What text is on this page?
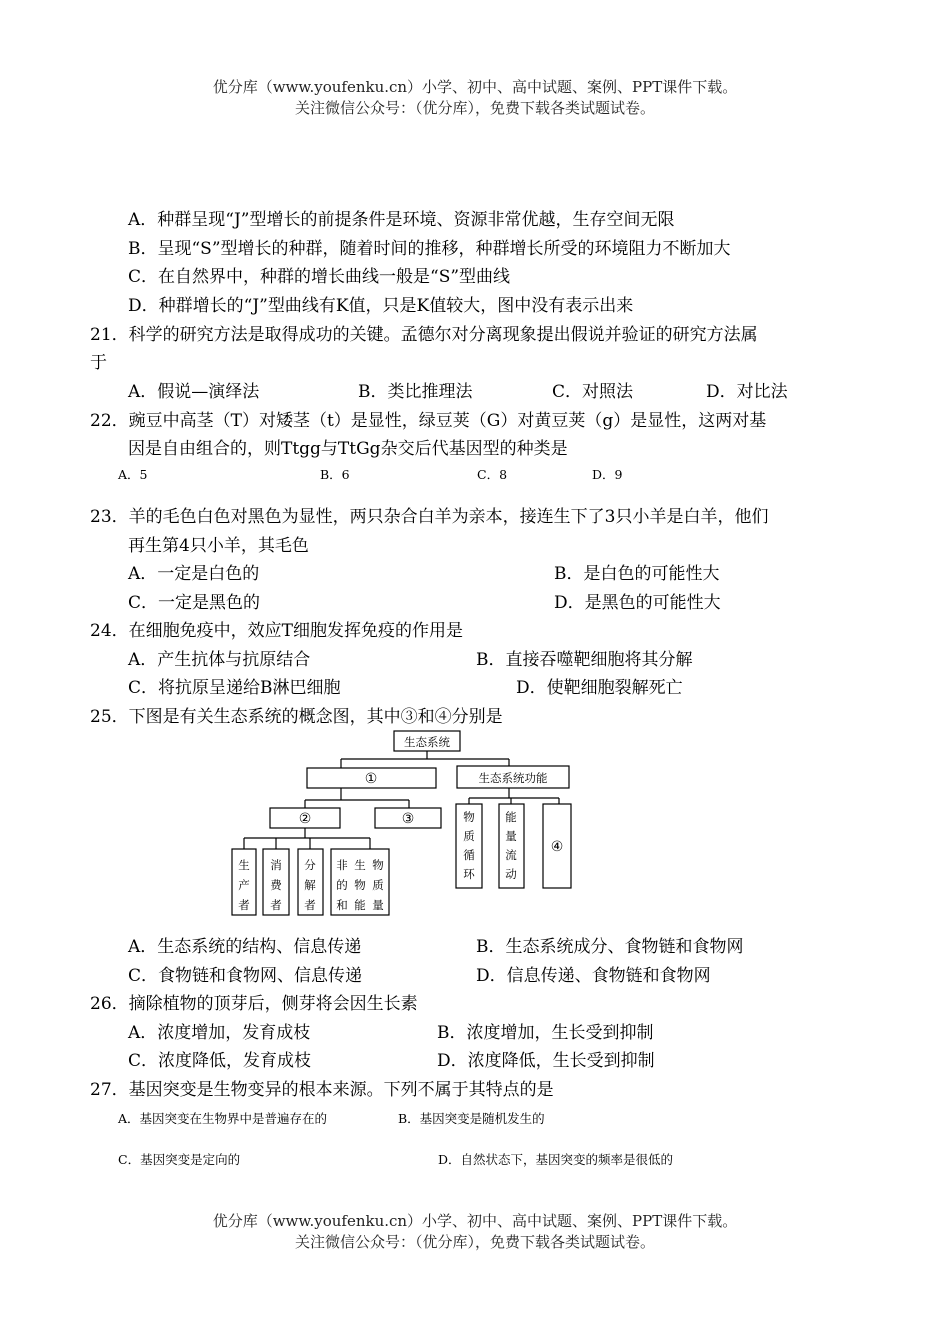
优分库（www.youfenku.cn）小学、初中、高中试题、案例、PPT课件下载。
关注微信公众号：（优分库），免费下载各类试题试卷。
A．种群呈现“J”型增长的前提条件是环境、资源非常优越，生存空间无限
B．呈现“S”型增长的种群，随着时间的推移，种群增长所受的环境阻力不断加大
C．在自然界中，种群的增长曲线一般是“S”型曲线
D．种群增长的“J”型曲线有K值，只是K值较大，图中没有表示出来
21．科学的研究方法是取得成功的关键。孟德尔对分离现象提出假说并验证的研究方法属
于
A．假说—演绎法	B．类比推理法	C．对照法	D．对比法
22．豌豆中高茎（T）对矮茎（t）是显性，绿豆荚（G）对黄豆荚（g）是显性，这两对基
因是自由组合的，则Ttgg与TtGg杂交后代基因型的种类是
A．5	B．6	C．8	D．9
23．羊的毛色白色对黑色为显性，两只杂合白羊为亲本，接连生下了3只小羊是白羊，他们
再生第4只小羊，其毛色
A．一定是白色的	B．是白色的可能性大
C．一定是黑色的	D．是黑色的可能性大
24．在细胞免疫中，效应T细胞发挥免疫的作用是
A．产生抗体与抗原结合	B．直接吞噬靶细胞将其分解
C．将抗原呈递给B淋巴细胞	D．使靶细胞裂解死亡
25．下图是有关生态系统的概念图，其中③和④分别是
生态系统
①	生态系统功能
②	③
④
生
产
者
消
费
者
分
解
者
非 生 物
的 物 质
和 能 量
物
质
循
环
能
量
流
动
A．生态系统的结构、信息传递	B．生态系统成分、食物链和食物网
C．食物链和食物网、信息传递	D．信息传递、食物链和食物网
26．摘除植物的顶芽后，侧芽将会因生长素
A．浓度增加，发育成枝	B．浓度增加，生长受到抑制
C．浓度降低，发育成枝	D．浓度降低，生长受到抑制
27．基因突变是生物变异的根本来源。下列不属于其特点的是
A．基因突变在生物界中是普遍存在的	B．基因突变是随机发生的
C．基因突变是定向的	D．自然状态下，基因突变的频率是很低的
优分库（www.youfenku.cn）小学、初中、高中试题、案例、PPT课件下载。
关注微信公众号：（优分库），免费下载各类试题试卷。
